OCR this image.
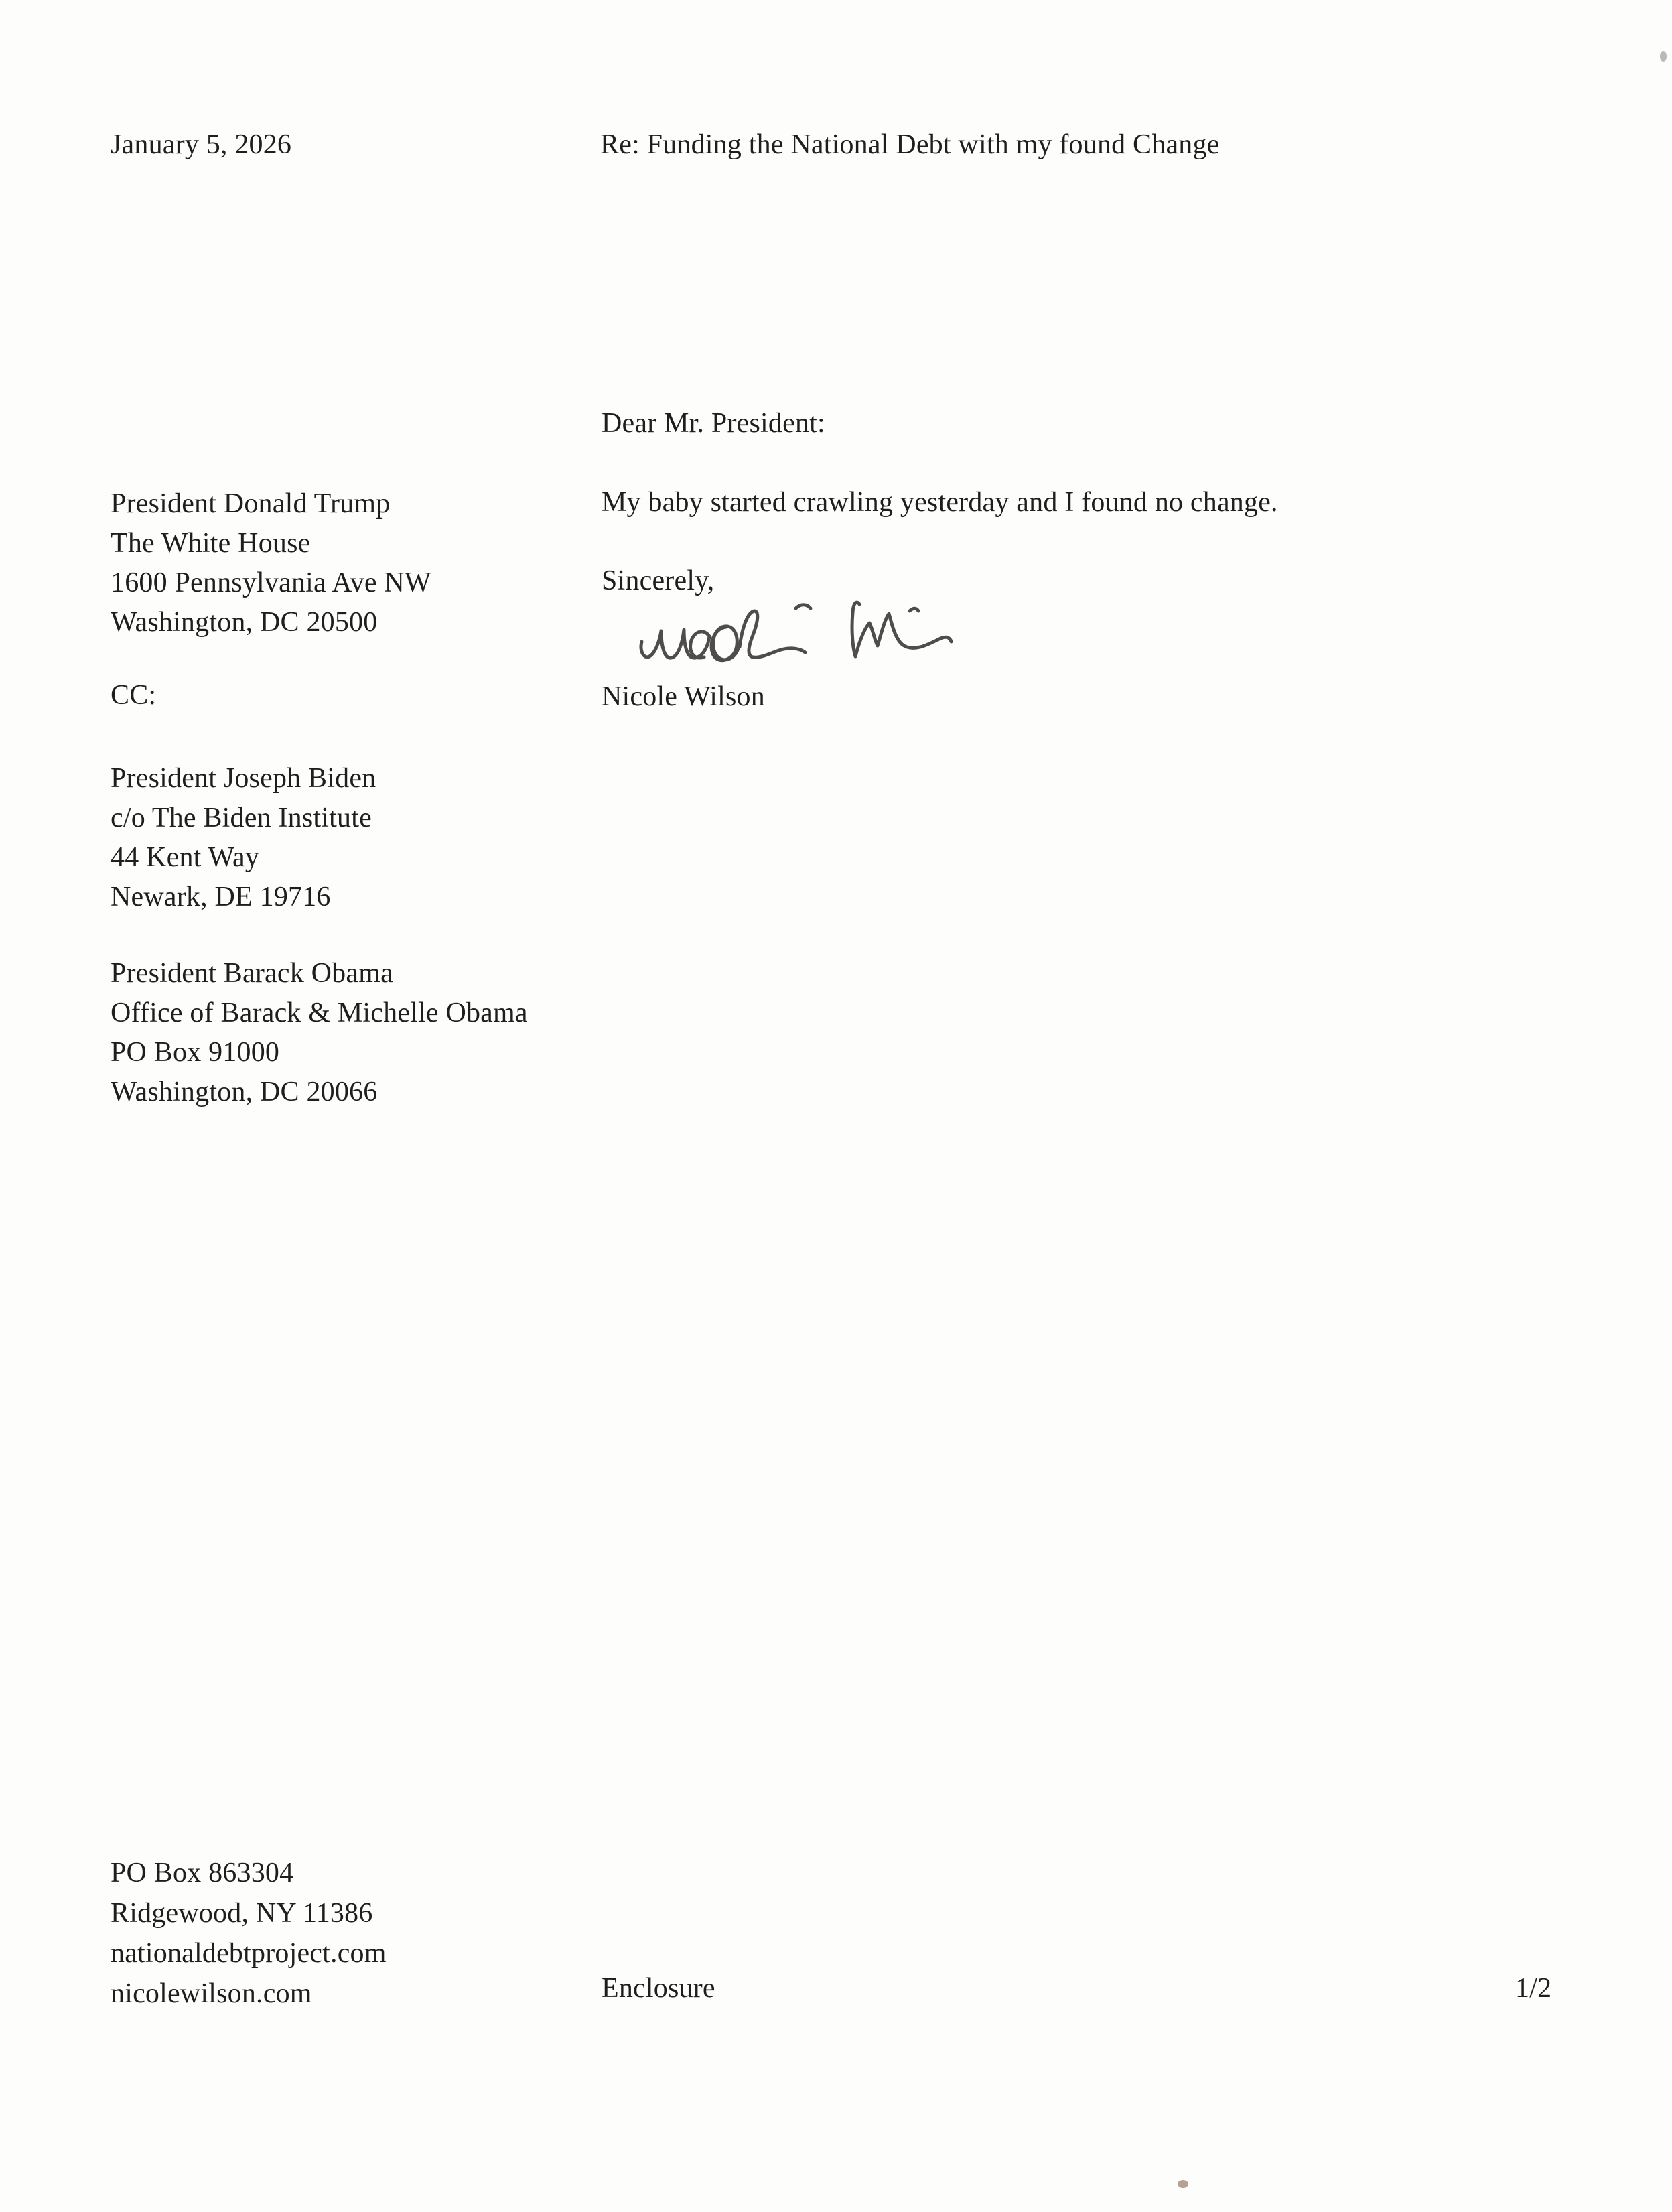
January 5, 2026	Re: Funding the National Debt with my found Change
Dear Mr. President:
My baby started crawling yesterday and I found no change.
Sincerely,
Nicole Wilson
President Donald Trump
The White House
1600 Pennsylvania Ave NW
Washington, DC 20500
CC:
President Joseph Biden
c/o The Biden Institute
44 Kent Way
Newark, DE 19716
President Barack Obama
Office of Barack & Michelle Obama
PO Box 91000
Washington, DC 20066
PO Box 863304
Ridgewood, NY 11386
nationaldebtproject.com
nicolewilson.com	Enclosure	1/2
